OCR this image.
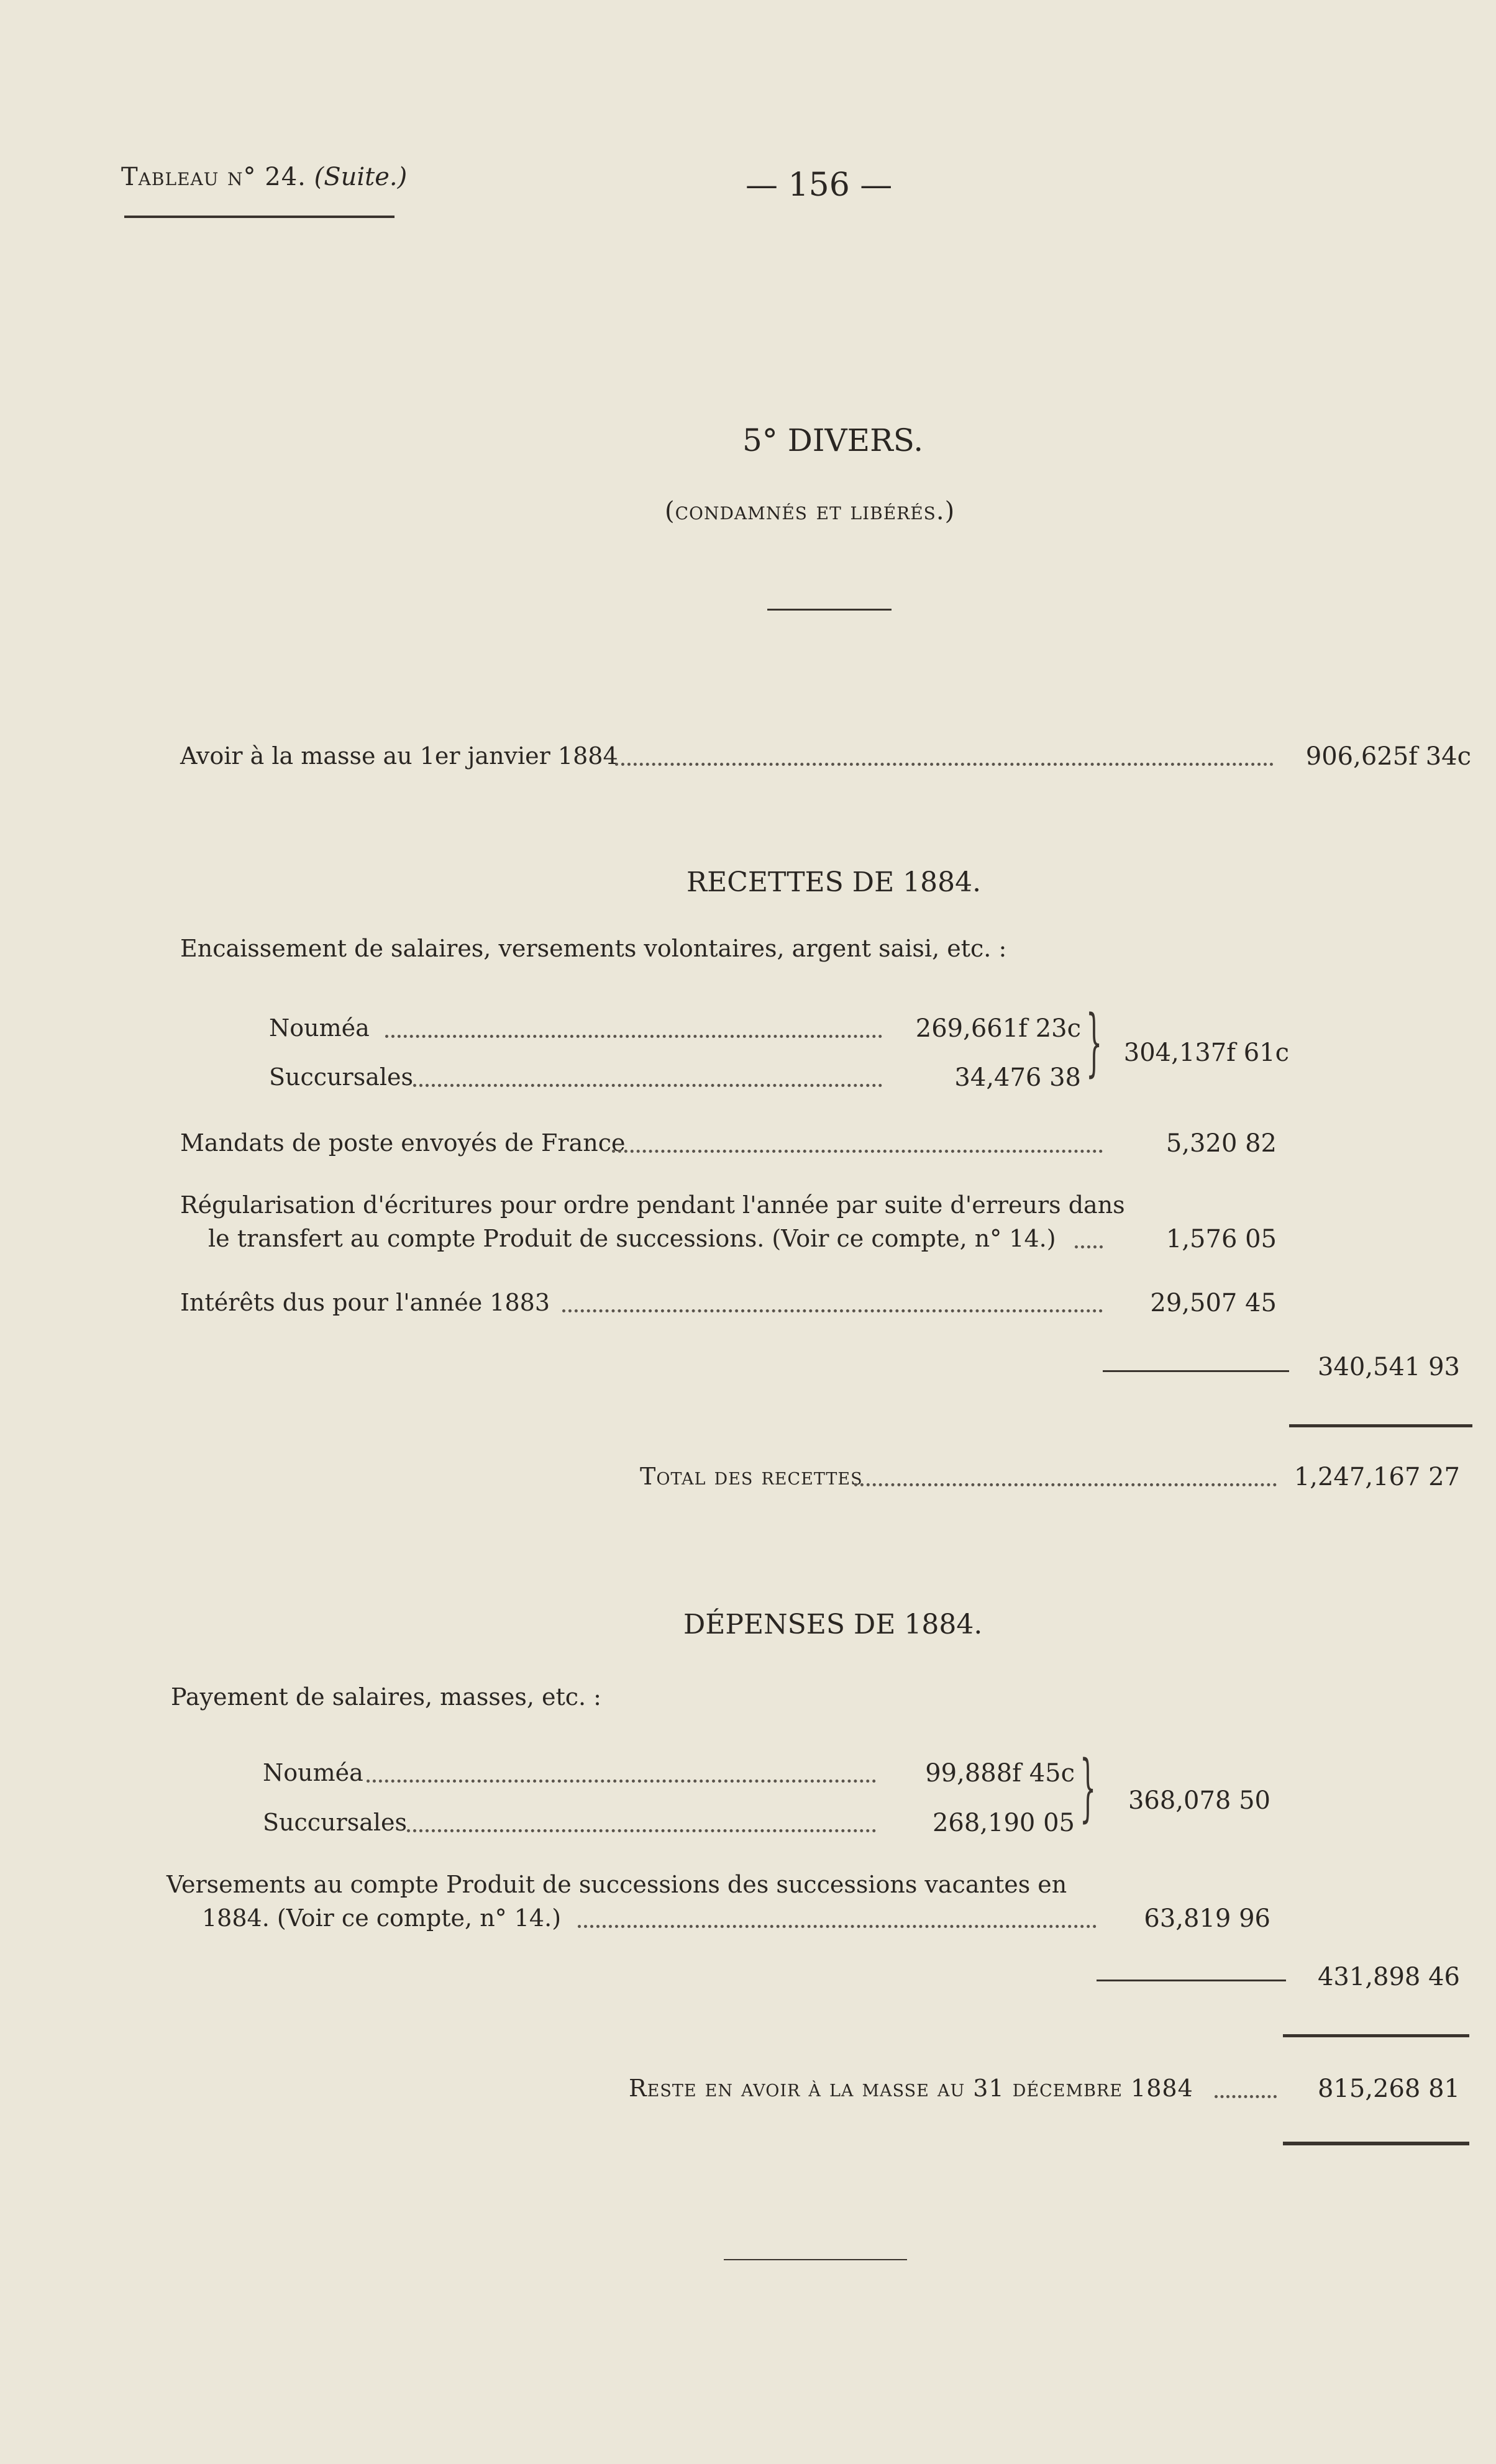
Tableau n° 24. (Suite.)	— 156 —
5° DIVERS.
(condamnés et libérés.)
Avoir à la masse au 1er janvier 1884	906,625f 34c
RECETTES DE 1884.
Encaissement de salaires, versements volontaires, argent saisi, etc. :
Nouméa	269,661f 23c
Succursales	34,476 38 } 304,137f 61c
Mandats de poste envoyés de France	5,320 82
Régularisation d'écritures pour ordre pendant l'année par suite d'erreurs dans
le transfert au compte Produit de successions. (Voir ce compte, n° 14.)	1,576 05
Intérêts dus pour l'année 1883	29,507 45
340,541 93
Total des recettes	1,247,167 27
DÉPENSES DE 1884.
Payement de salaires, masses, etc. :
Nouméa	99,888f 45c
Succursales	268,190 05 }	368,078 50
Versements au compte Produit de successions des successions vacantes en
1884. (Voir ce compte, n° 14.)	63,819 96
431,898 46
Reste en avoir à la masse au 31 décembre 1884	815,268 81
